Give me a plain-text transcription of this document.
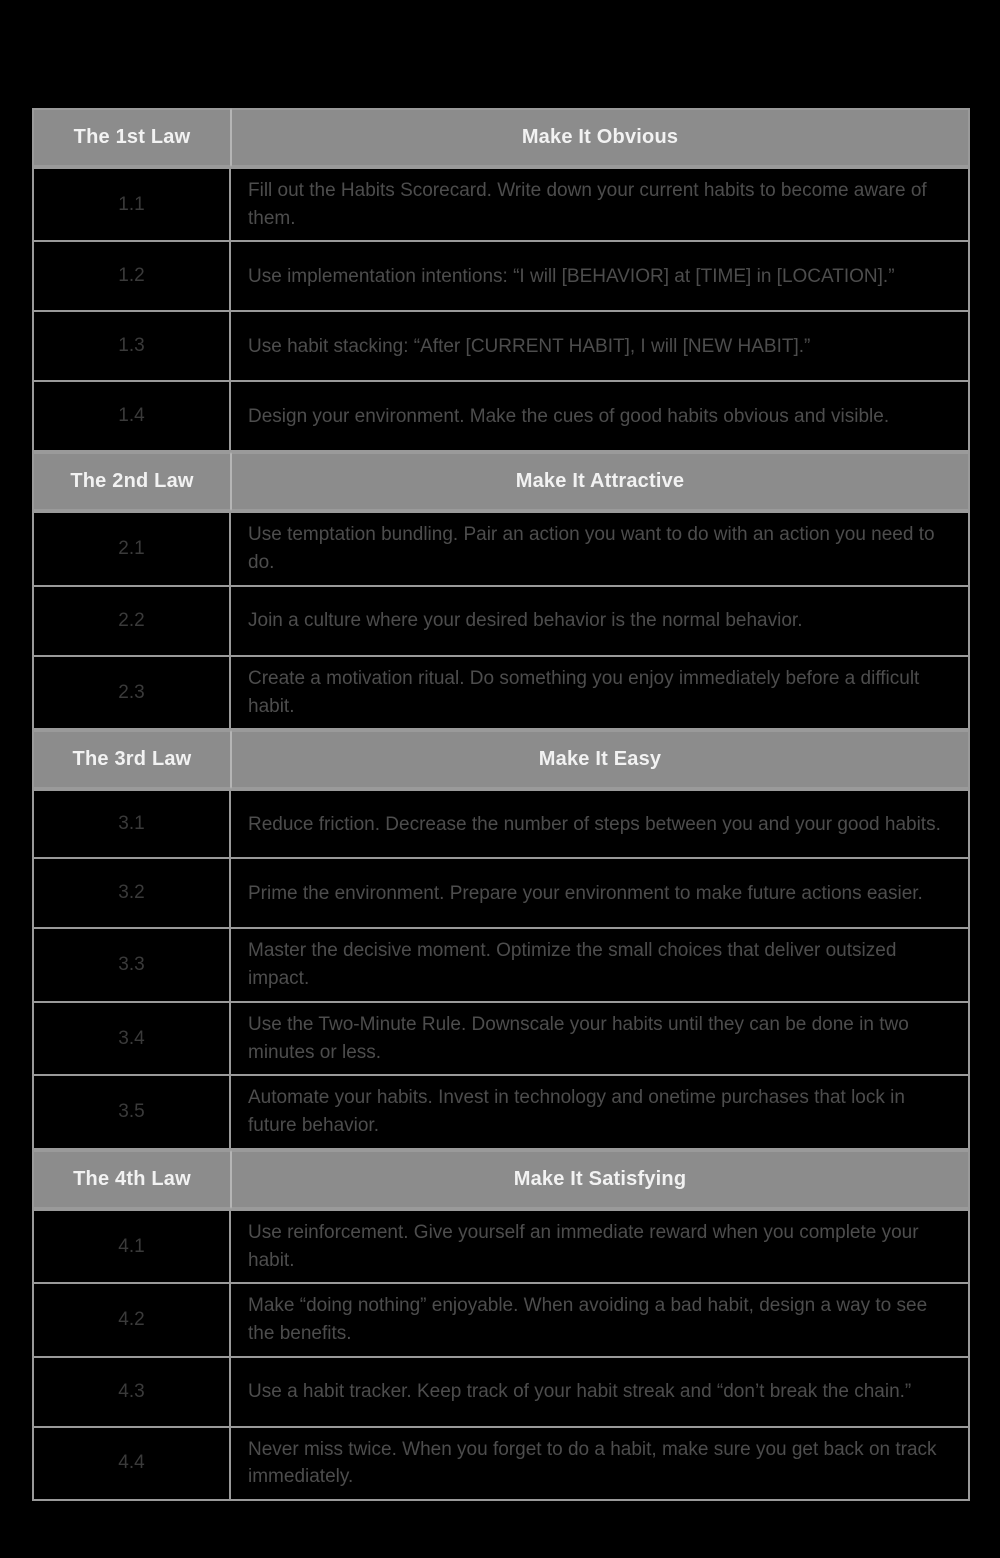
The 1st Law	Make It Obvious
1.1	Fill out the Habits Scorecard. Write down your current habits to become aware of them.
1.2	Use implementation intentions: “I will [BEHAVIOR] at [TIME] in [LOCATION].”
1.3	Use habit stacking: “After [CURRENT HABIT], I will [NEW HABIT].”
1.4	Design your environment. Make the cues of good habits obvious and visible.
The 2nd Law	Make It Attractive
2.1	Use temptation bundling. Pair an action you want to do with an action you need to do.
2.2	Join a culture where your desired behavior is the normal behavior.
2.3	Create a motivation ritual. Do something you enjoy immediately before a difficult habit.
The 3rd Law	Make It Easy
3.1	Reduce friction. Decrease the number of steps between you and your good habits.
3.2	Prime the environment. Prepare your environment to make future actions easier.
3.3	Master the decisive moment. Optimize the small choices that deliver outsized impact.
3.4	Use the Two-Minute Rule. Downscale your habits until they can be done in two minutes or less.
3.5	Automate your habits. Invest in technology and onetime purchases that lock in future behavior.
The 4th Law	Make It Satisfying
4.1	Use reinforcement. Give yourself an immediate reward when you complete your habit.
4.2	Make “doing nothing” enjoyable. When avoiding a bad habit, design a way to see the benefits.
4.3	Use a habit tracker. Keep track of your habit streak and “don’t break the chain.”
4.4	Never miss twice. When you forget to do a habit, make sure you get back on track immediately.
